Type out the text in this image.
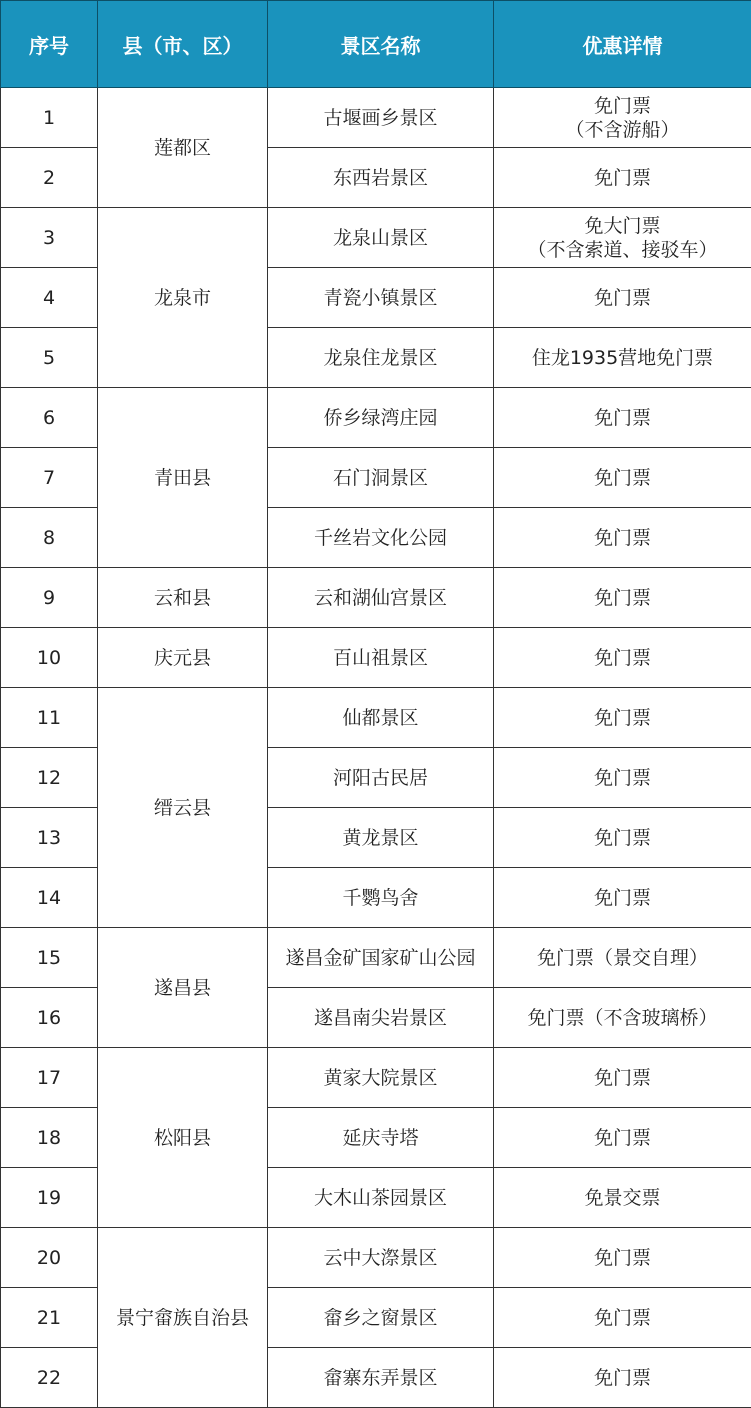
序号	县（市、区）	景区名称	优惠详情
1	莲都区	古堰画乡景区	免门票
（不含游船）

2		东西岩景区	免门票

3	龙泉市	龙泉山景区	免大门票
（不含索道、接驳车）

4		青瓷小镇景区	免门票

5		龙泉住龙景区	住龙1935营地免门票

6	青田县	侨乡绿湾庄园	免门票

7		石门洞景区	免门票

8		千丝岩文化公园	免门票

9	云和县	云和湖仙宫景区	免门票

10	庆元县	百山祖景区	免门票

11	缙云县	仙都景区	免门票

12		河阳古民居	免门票

13		黄龙景区	免门票

14		千鹦鸟舍	免门票

15	遂昌县	遂昌金矿国家矿山公园	免门票（景交自理）

16		遂昌南尖岩景区	免门票（不含玻璃桥）

17	松阳县	黄家大院景区	免门票

18		延庆寺塔	免门票

19		大木山茶园景区	免景交票

20	景宁畲族自治县	云中大漈景区	免门票

21		畲乡之窗景区	免门票

22		畲寨东弄景区	免门票
